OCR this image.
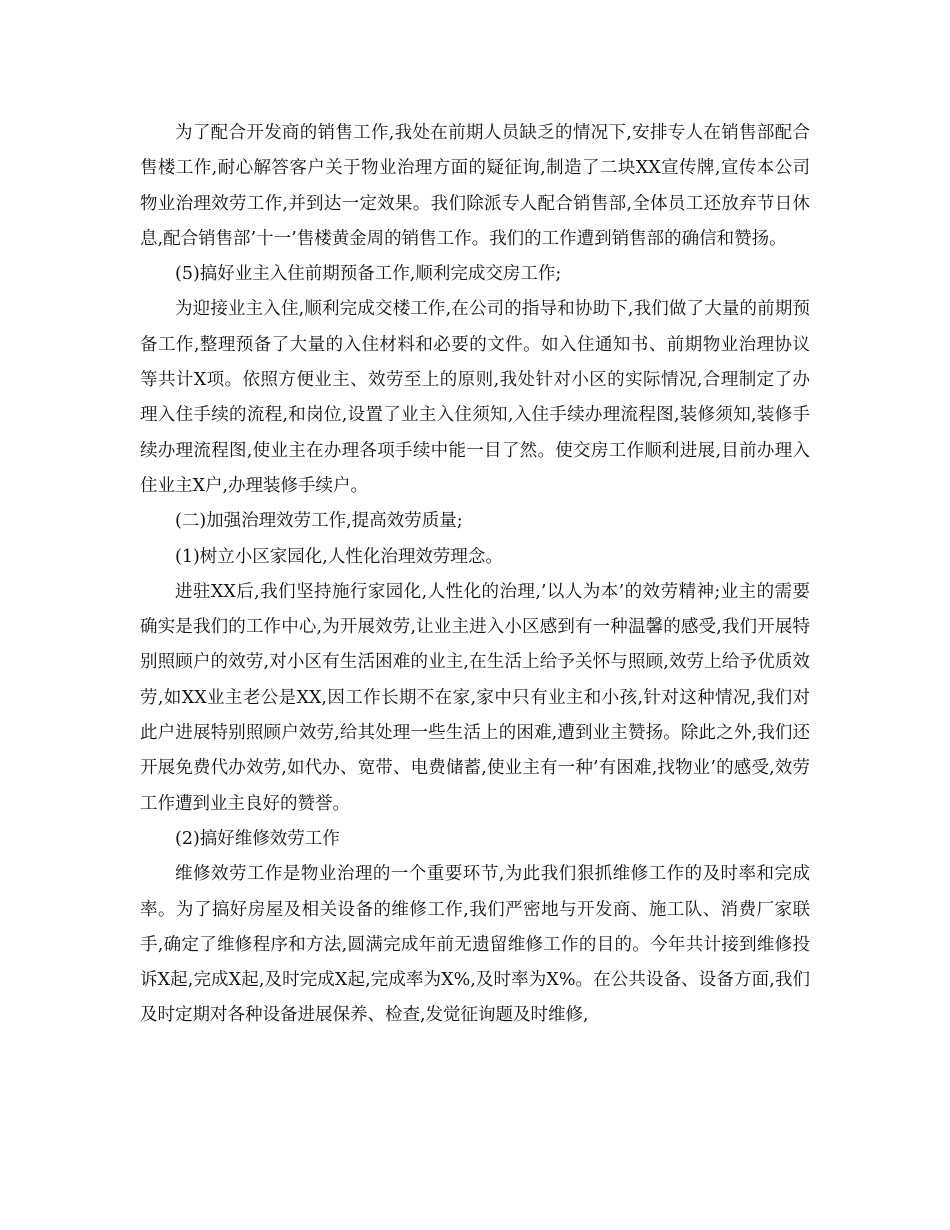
为了配合开发商的销售工作,我处在前期人员缺乏的情况下,安排专人在销售部配合售楼工作,耐心解答客户关于物业治理方面的疑征询,制造了二块XX宣传牌,宣传本公司物业治理效劳工作,并到达一定效果。我们除派专人配合销售部,全体员工还放弃节日休息,配合销售部’十一’售楼黄金周的销售工作。我们的工作遭到销售部的确信和赞扬。

(5)搞好业主入住前期预备工作,顺利完成交房工作;

为迎接业主入住,顺利完成交楼工作,在公司的指导和协助下,我们做了大量的前期预备工作,整理预备了大量的入住材料和必要的文件。如入住通知书、前期物业治理协议等共计X项。依照方便业主、效劳至上的原则,我处针对小区的实际情况,合理制定了办理入住手续的流程,和岗位,设置了业主入住须知,入住手续办理流程图,装修须知,装修手续办理流程图,使业主在办理各项手续中能一目了然。使交房工作顺利进展,目前办理入住业主X户,办理装修手续户。

(二)加强治理效劳工作,提高效劳质量;

(1)树立小区家园化,人性化治理效劳理念。

进驻XX后,我们坚持施行家园化,人性化的治理,’以人为本’的效劳精神;业主的需要确实是我们的工作中心,为开展效劳,让业主进入小区感到有一种温馨的感受,我们开展特别照顾户的效劳,对小区有生活困难的业主,在生活上给予关怀与照顾,效劳上给予优质效劳,如XX业主老公是XX,因工作长期不在家,家中只有业主和小孩,针对这种情况,我们对此户进展特别照顾户效劳,给其处理一些生活上的困难,遭到业主赞扬。除此之外,我们还开展免费代办效劳,如代办、宽带、电费储蓄,使业主有一种’有困难,找物业’的感受,效劳工作遭到业主良好的赞誉。

(2)搞好维修效劳工作

维修效劳工作是物业治理的一个重要环节,为此我们狠抓维修工作的及时率和完成率。为了搞好房屋及相关设备的维修工作,我们严密地与开发商、施工队、消费厂家联手,确定了维修程序和方法,圆满完成年前无遗留维修工作的目的。今年共计接到维修投诉X起,完成X起,及时完成X起,完成率为X%,及时率为X%。在公共设备、设备方面,我们及时定期对各种设备进展保养、检查,发觉征询题及时维修,
